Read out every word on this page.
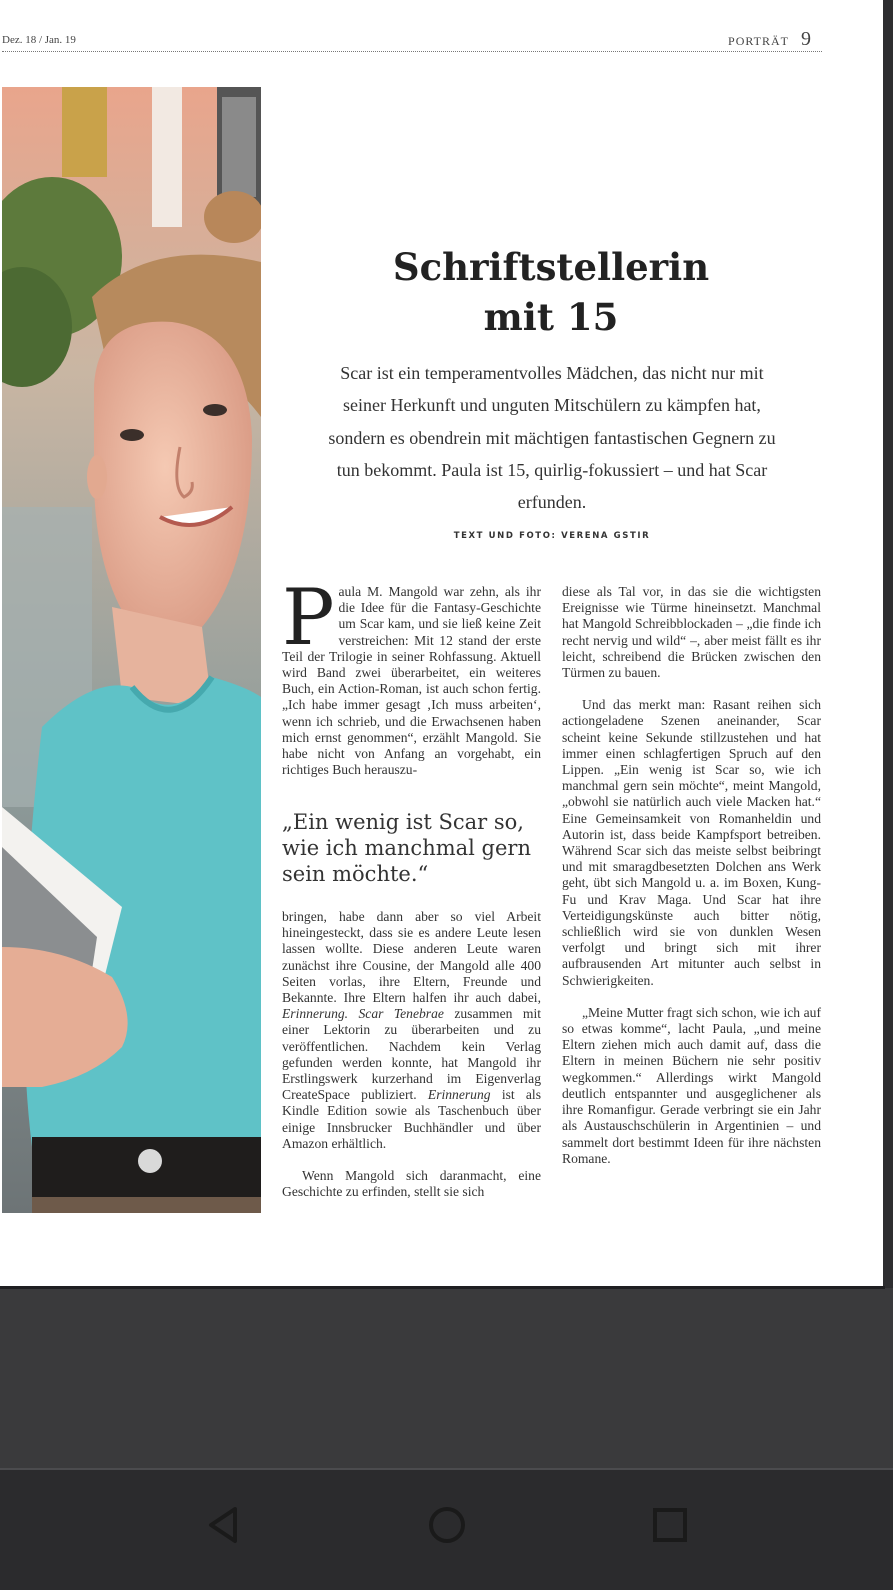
Dez. 18 / Jan. 19	PORTRÄT 9
Schriftstellerin
mit 15

Scar ist ein temperamentvolles Mädchen, das nicht nur mit seiner Herkunft und unguten Mitschülern zu kämpfen hat, sondern es obendrein mit mächtigen fantastischen Gegnern zu tun bekommt. Paula ist 15, quirlig-fokussiert – und hat Scar erfunden.

TEXT UND FOTO: VERENA GSTIR

Paula M. Mangold war zehn, als ihr die Idee für die Fantasy-Geschichte um Scar kam, und sie ließ keine Zeit verstreichen: Mit 12 stand der erste Teil der Trilogie in seiner Rohfassung. Aktuell wird Band zwei überarbeitet, ein weiteres Buch, ein Action-Roman, ist auch schon fertig. „Ich habe immer gesagt ‚Ich muss arbeiten‘, wenn ich schrieb, und die Erwachsenen haben mich ernst genommen“, erzählt Mangold. Sie habe nicht von Anfang an vorgehabt, ein richtiges Buch herauszu-

„Ein wenig ist Scar so, wie ich manchmal gern sein möchte.“

bringen, habe dann aber so viel Arbeit hineingesteckt, dass sie es andere Leute lesen lassen wollte. Diese anderen Leute waren zunächst ihre Cousine, der Mangold alle 400 Seiten vorlas, ihre Eltern, Freunde und Bekannte. Ihre Eltern halfen ihr auch dabei, Erinnerung. Scar Tenebrae zusammen mit einer Lektorin zu überarbeiten und zu veröffentlichen. Nachdem kein Verlag gefunden werden konnte, hat Mangold ihr Erstlingswerk kurzerhand im Eigenverlag CreateSpace publiziert. Erinnerung ist als Kindle Edition sowie als Taschenbuch über einige Innsbrucker Buchhändler und über Amazon erhältlich.

Wenn Mangold sich daranmacht, eine Geschichte zu erfinden, stellt sie sich

diese als Tal vor, in das sie die wichtigsten Ereignisse wie Türme hineinsetzt. Manchmal hat Mangold Schreibblockaden – „die finde ich recht nervig und wild“ –, aber meist fällt es ihr leicht, schreibend die Brücken zwischen den Türmen zu bauen.

Und das merkt man: Rasant reihen sich actiongeladene Szenen aneinander, Scar scheint keine Sekunde stillzustehen und hat immer einen schlagfertigen Spruch auf den Lippen. „Ein wenig ist Scar so, wie ich manchmal gern sein möchte“, meint Mangold, „obwohl sie natürlich auch viele Macken hat.“ Eine Gemeinsamkeit von Romanheldin und Autorin ist, dass beide Kampfsport betreiben. Während Scar sich das meiste selbst beibringt und mit smaragdbesetzten Dolchen ans Werk geht, übt sich Mangold u. a. im Boxen, Kung-Fu und Krav Maga. Und Scar hat ihre Verteidigungskünste auch bitter nötig, schließlich wird sie von dunklen Wesen verfolgt und bringt sich mit ihrer aufbrausenden Art mitunter auch selbst in Schwierigkeiten.

„Meine Mutter fragt sich schon, wie ich auf so etwas komme“, lacht Paula, „und meine Eltern ziehen mich auch damit auf, dass die Eltern in meinen Büchern nie sehr positiv wegkommen.“ Allerdings wirkt Mangold deutlich entspannter und ausgeglichener als ihre Romanfigur. Gerade verbringt sie ein Jahr als Austauschschülerin in Argentinien – und sammelt dort bestimmt Ideen für ihre nächsten Romane.
